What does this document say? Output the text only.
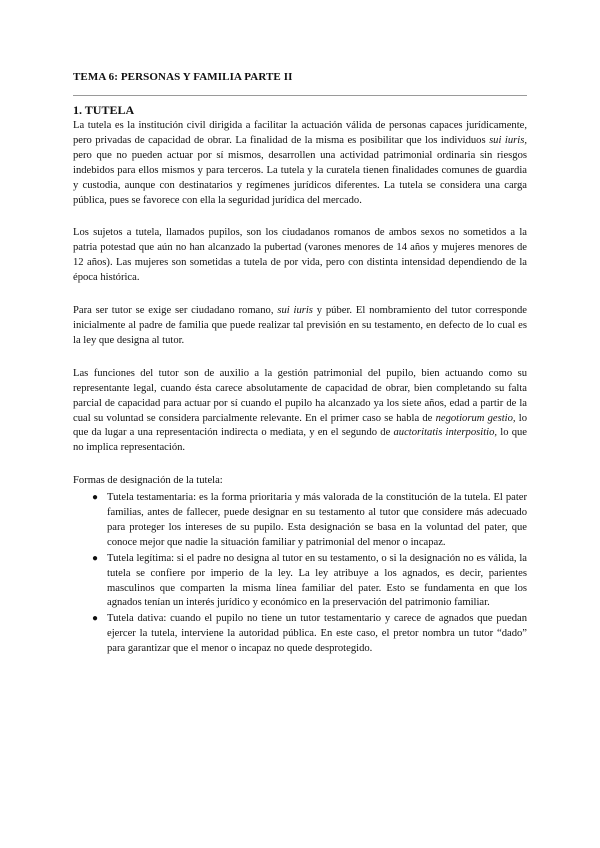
TEMA 6: PERSONAS Y FAMILIA PARTE II
1. TUTELA

La tutela es la institución civil dirigida a facilitar la actuación válida de personas capaces jurídicamente, pero privadas de capacidad de obrar. La finalidad de la misma es posibilitar que los individuos sui iuris, pero que no pueden actuar por sí mismos, desarrollen una actividad patrimonial ordinaria sin riesgos indebidos para ellos mismos y para terceros. La tutela y la curatela tienen finalidades comunes de guardia y custodia, aunque con destinatarios y regímenes jurídicos diferentes. La tutela se considera una carga pública, pues se favorece con ella la seguridad jurídica del mercado.

Los sujetos a tutela, llamados pupilos, son los ciudadanos romanos de ambos sexos no sometidos a la patria potestad que aún no han alcanzado la pubertad (varones menores de 14 años y mujeres menores de 12 años). Las mujeres son sometidas a tutela de por vida, pero con distinta intensidad dependiendo de la época histórica.

Para ser tutor se exige ser ciudadano romano, sui iuris y púber. El nombramiento del tutor corresponde inicialmente al padre de familia que puede realizar tal previsión en su testamento, en defecto de lo cual es la ley que designa al tutor.

Las funciones del tutor son de auxilio a la gestión patrimonial del pupilo, bien actuando como su representante legal, cuando ésta carece absolutamente de capacidad de obrar, bien completando su falta parcial de capacidad para actuar por sí cuando el pupilo ha alcanzado ya los siete años, edad a partir de la cual su voluntad se considera parcialmente relevante. En el primer caso se habla de negotiorum gestio, lo que da lugar a una representación indirecta o mediata, y en el segundo de auctoritatis interpositio, lo que no implica representación.

Formas de designación de la tutela:

● Tutela testamentaria: es la forma prioritaria y más valorada de la constitución de la tutela. El pater familias, antes de fallecer, puede designar en su testamento al tutor que considere más adecuado para proteger los intereses de su pupilo. Esta designación se basa en la voluntad del pater, que conoce mejor que nadie la situación familiar y patrimonial del menor o incapaz.
● Tutela legítima: si el padre no designa al tutor en su testamento, o si la designación no es válida, la tutela se confiere por imperio de la ley. La ley atribuye a los agnados, es decir, parientes masculinos que comparten la misma línea familiar del pater. Esto se fundamenta en que los agnados tenían un interés jurídico y económico en la preservación del patrimonio familiar.
● Tutela dativa: cuando el pupilo no tiene un tutor testamentario y carece de agnados que puedan ejercer la tutela, interviene la autoridad pública. En este caso, el pretor nombra un tutor “dado” para garantizar que el menor o incapaz no quede desprotegido.
